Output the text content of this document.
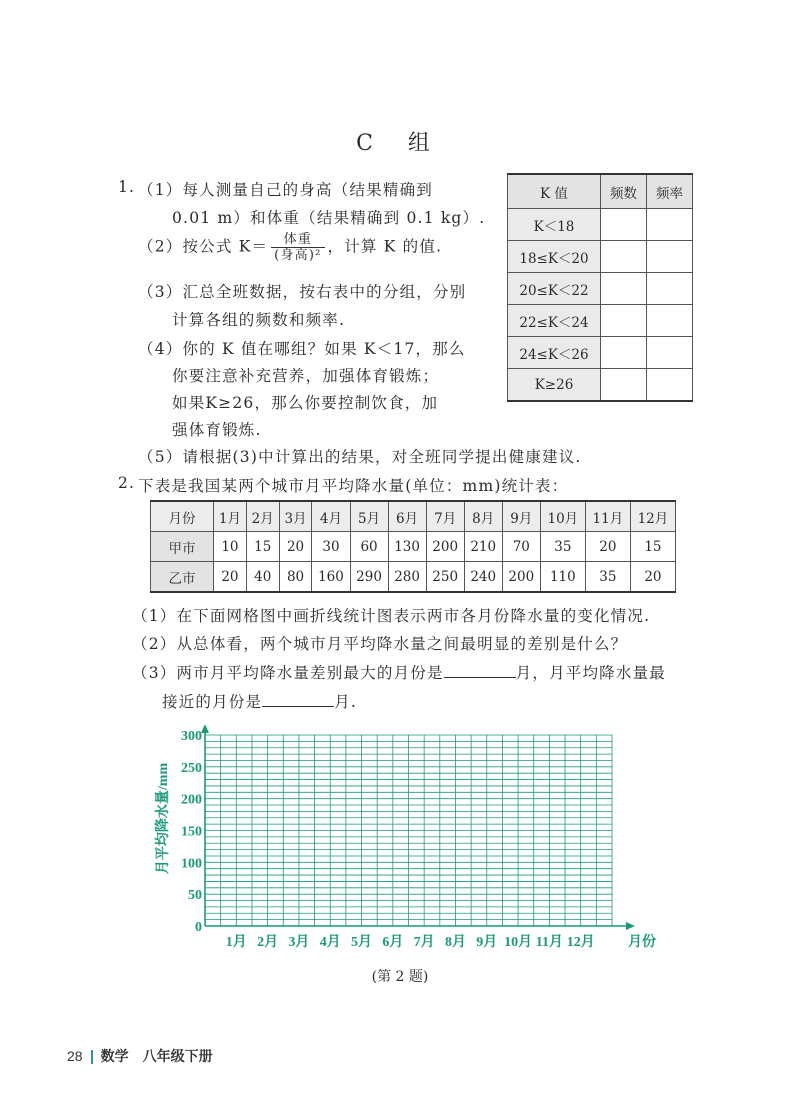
C 组
1. （1）每人测量自己的身高（结果精确到
0.01 m）和体重（结果精确到 0.1 kg）.
（2）按公式 $K= \frac{\text{体重}}{\text{(身高)²}}$ ，计算 K 的值.
（3）汇总全班数据，按右表中的分组，分别
计算各组的频数和频率.
（4）你的 K 值在哪组？如果 K＜17，那么
你要注意补充营养，加强体育锻炼；
如果K≥26，那么你要控制饮食，加
强体育锻炼.
（5）请根据(3)中计算出的结果，对全班同学提出健康建议.
K 值	频数	频率
K＜18		
18≤K＜20		
20≤K＜22		
22≤K＜24		
24≤K＜26		
K≥26		
2. 下表是我国某两个城市月平均降水量(单位：mm)统计表：
月份	1月	2月	3月	4月	5月	6月	7月	8月	9月	10月	11月	12月
甲市	10	15	20	30	60	130	200	210	70	35	20	15
乙市	20	40	80	160	290	280	250	240	200	110	35	20
（1）在下面网格图中画折线统计图表示两市各月份降水量的变化情况.
（2）从总体看，两个城市月平均降水量之间最明显的差别是什么？
（3）两市月平均降水量差别最大的月份是	月，月平均降水量最
接近的月份是	月.
0
50
100
150
200
250
300
1月 2月 3月 4月 5月 6月 7月 8月 9月 10月 11月 12月 月份
月平均降水量/mm
(第 2 题)
28 数学　八年级下册
